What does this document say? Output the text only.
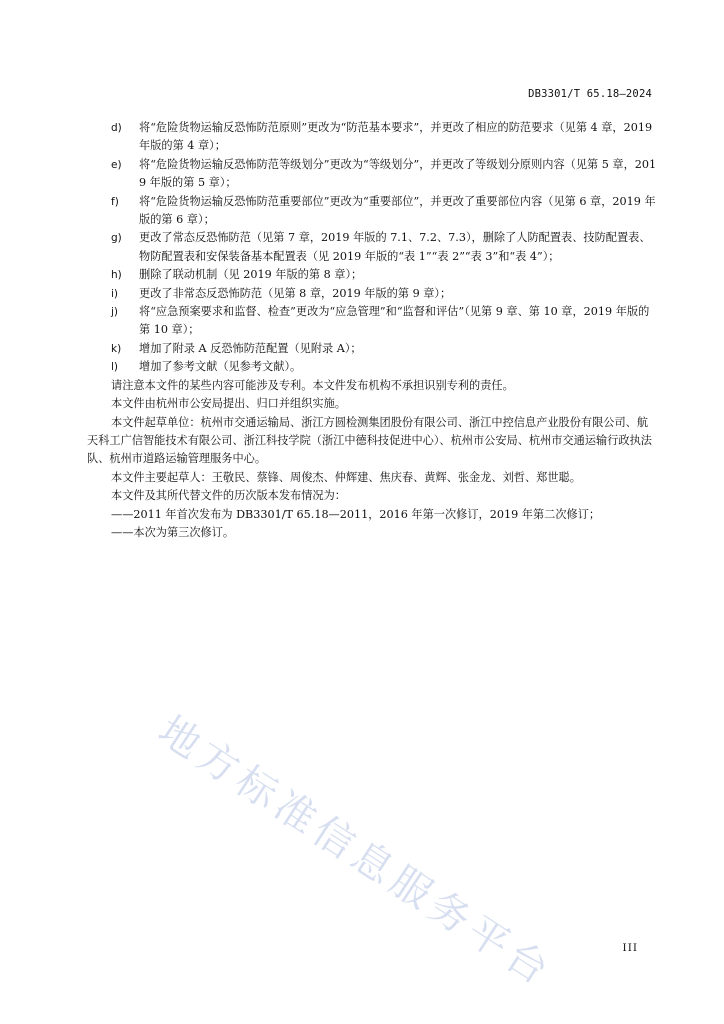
DB3301/T 65.18—2024
d)	将“危险货物运输反恐怖防范原则”更改为“防范基本要求”，并更改了相应的防范要求（见第 4 章，2019 年版的第 4 章）；
e)	将“危险货物运输反恐怖防范等级划分”更改为“等级划分”，并更改了等级划分原则内容（见第 5 章，2019 年版的第 5 章）；
f)	将“危险货物运输反恐怖防范重要部位”更改为“重要部位”，并更改了重要部位内容（见第 6 章，2019 年版的第 6 章）；
g)	更改了常态反恐怖防范（见第 7 章，2019 年版的 7.1、7.2、7.3），删除了人防配置表、技防配置表、物防配置表和安保装备基本配置表（见 2019 年版的“表 1”“表 2”“表 3”和“表 4”）；
h)	删除了联动机制（见 2019 年版的第 8 章）；
i)	更改了非常态反恐怖防范（见第 8 章，2019 年版的第 9 章）；
j)	将“应急预案要求和监督、检查”更改为“应急管理”和“监督和评估”（见第 9 章、第 10 章，2019 年版的第 10 章）；
k)	增加了附录 A 反恐怖防范配置（见附录 A）；
l)	增加了参考文献（见参考文献）。
请注意本文件的某些内容可能涉及专利。本文件发布机构不承担识别专利的责任。
本文件由杭州市公安局提出、归口并组织实施。
本文件起草单位：杭州市交通运输局、浙江方圆检测集团股份有限公司、浙江中控信息产业股份有限公司、航天科工广信智能技术有限公司、浙江科技学院（浙江中德科技促进中心）、杭州市公安局、杭州市交通运输行政执法队、杭州市道路运输管理服务中心。
本文件主要起草人：王敬民、蔡锋、周俊杰、仲辉建、焦庆春、黄辉、张金龙、刘哲、郑世聪。
本文件及其所代替文件的历次版本发布情况为：
——2011 年首次发布为 DB3301/T 65.18—2011，2016 年第一次修订，2019 年第二次修订；
——本次为第三次修订。
地方标准信息服务平台	III
